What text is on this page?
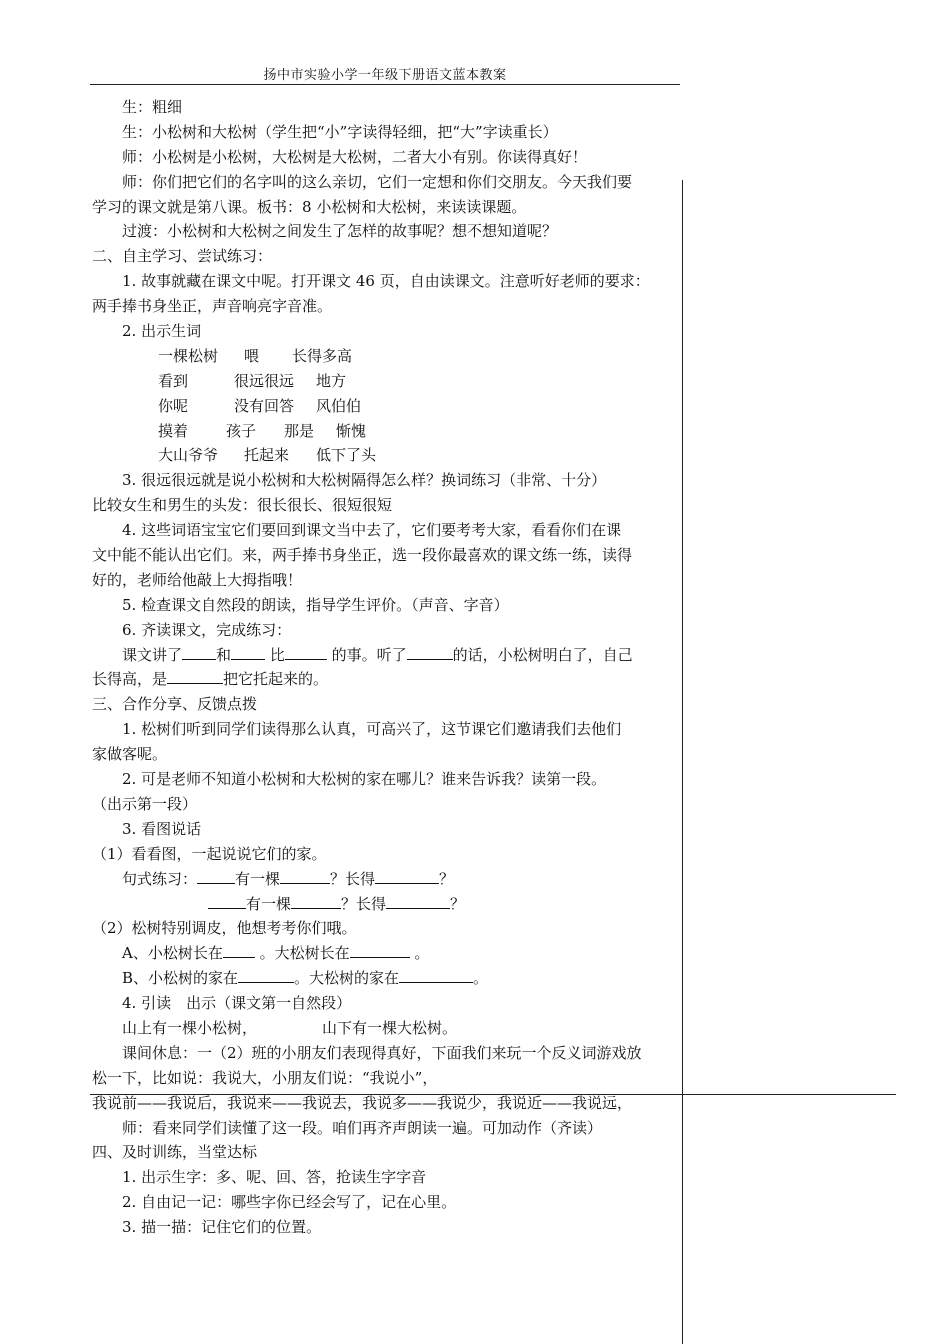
扬中市实验小学一年级下册语文蓝本教案
生：粗细
生：小松树和大松树（学生把“小”字读得轻细，把“大”字读重长）
师：小松树是小松树，大松树是大松树，二者大小有别。你读得真好！
师：你们把它们的名字叫的这么亲切，它们一定想和你们交朋友。今天我们要
学习的课文就是第八课。板书：8 小松树和大松树，来读读课题。
过渡：小松树和大松树之间发生了怎样的故事呢？想不想知道呢？
二、自主学习、尝试练习：
1. 故事就藏在课文中呢。打开课文 46 页，自由读课文。注意听好老师的要求：
两手捧书身坐正，声音响亮字音准。
2. 出示生词
一棵松树 喂 长得多高
看到	很远很远 地方
你呢	没有回答 风伯伯
摸着	孩子 那是 惭愧
大山爷爷 托起来 低下了头
3. 很远很远就是说小松树和大松树隔得怎么样？换词练习（非常、十分）
比较女生和男生的头发：很长很长、很短很短
4. 这些词语宝宝它们要回到课文当中去了，它们要考考大家，看看你们在课
文中能不能认出它们。来，两手捧书身坐正，选一段你最喜欢的课文练一练，读得
好的，老师给他敲上大拇指哦！
5. 检查课文自然段的朗读，指导学生评价。（声音、字音）
6. 齐读课文，完成练习：
课文讲了 和	比	的事。听了	的话，小松树明白了，自己
长得高，是	把它托起来的。
三、合作分享、反馈点拨
1. 松树们听到同学们读得那么认真，可高兴了，这节课它们邀请我们去他们
家做客呢。
2. 可是老师不知道小松树和大松树的家在哪儿？谁来告诉我？读第一段。
（出示第一段）
3. 看图说话
（1）看看图，一起说说它们的家。
句式练习：	有一棵	？长得	？
有一棵	？长得	？
（2）松树特别调皮，他想考考你们哦。
A、小松树长在 。大松树长在	。
B、小松树的家在	。大松树的家在	。
4. 引读　出示（课文第一自然段）
山上有一棵小松树，	山下有一棵大松树。
课间休息：一（2）班的小朋友们表现得真好，下面我们来玩一个反义词游戏放
松一下，比如说：我说大，小朋友们说：“我说小”，
我说前——我说后，我说来——我说去，我说多——我说少，我说近——我说远，
师：看来同学们读懂了这一段。咱们再齐声朗读一遍。可加动作（齐读）
四、及时训练，当堂达标
1. 出示生字：多、呢、回、答，抢读生字字音
2. 自由记一记：哪些字你已经会写了，记在心里。
3. 描一描：记住它们的位置。
